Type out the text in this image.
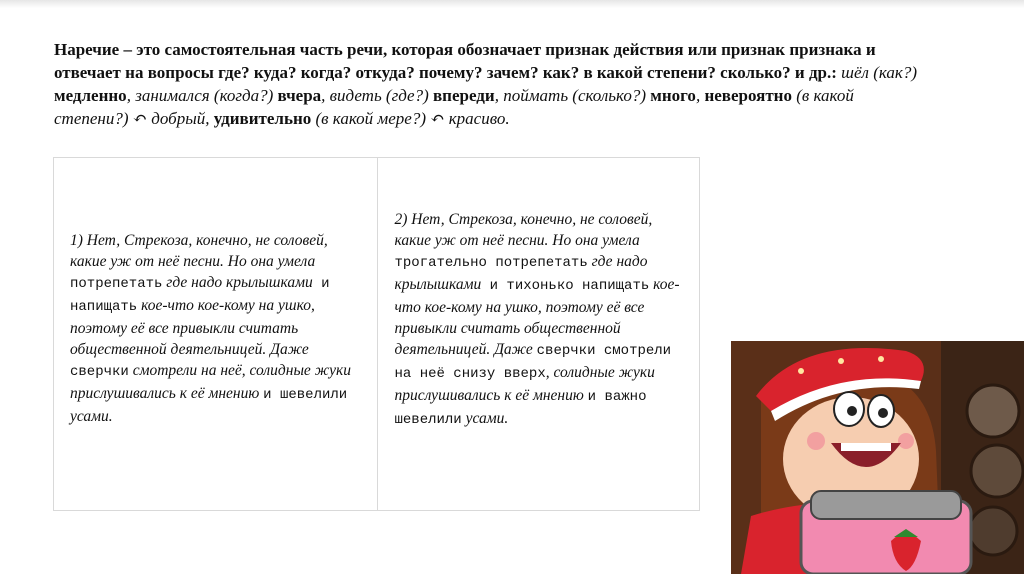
Наречие – это самостоятельная часть речи, которая обозначает признак действия или признак признака и отвечает на вопросы где? куда? когда? откуда? почему? зачем? как? в какой степени? сколько? и др.: шёл (как?) медленно, занимался (когда?) вчера, видеть (где?) впереди, поймать (сколько?) много, невероятно (в какой степени?) ↶ добрый, удивительно (в какой мере?) ↶ красиво.

1) Нет, Стрекоза, конечно, не соловей, какие уж от неё песни. Но она умела потрепетать где надо крылышками и напищать кое-что кое-кому на ушко, поэтому её все привыкли считать общественной деятельницей. Даже сверчки смотрели на неё, солидные жуки прислушивались к её мнению и шевелили усами.
2) Нет, Стрекоза, конечно, не соловей, какие уж от неё песни. Но она умела трогательно потрепетать где надо крылышками и тихонько напищать кое-что кое-кому на ушко, поэтому её все привыкли считать общественной деятельницей. Даже сверчки смотрели на неё снизу вверх, солидные жуки прислушивались к её мнению и важно шевелили усами.
